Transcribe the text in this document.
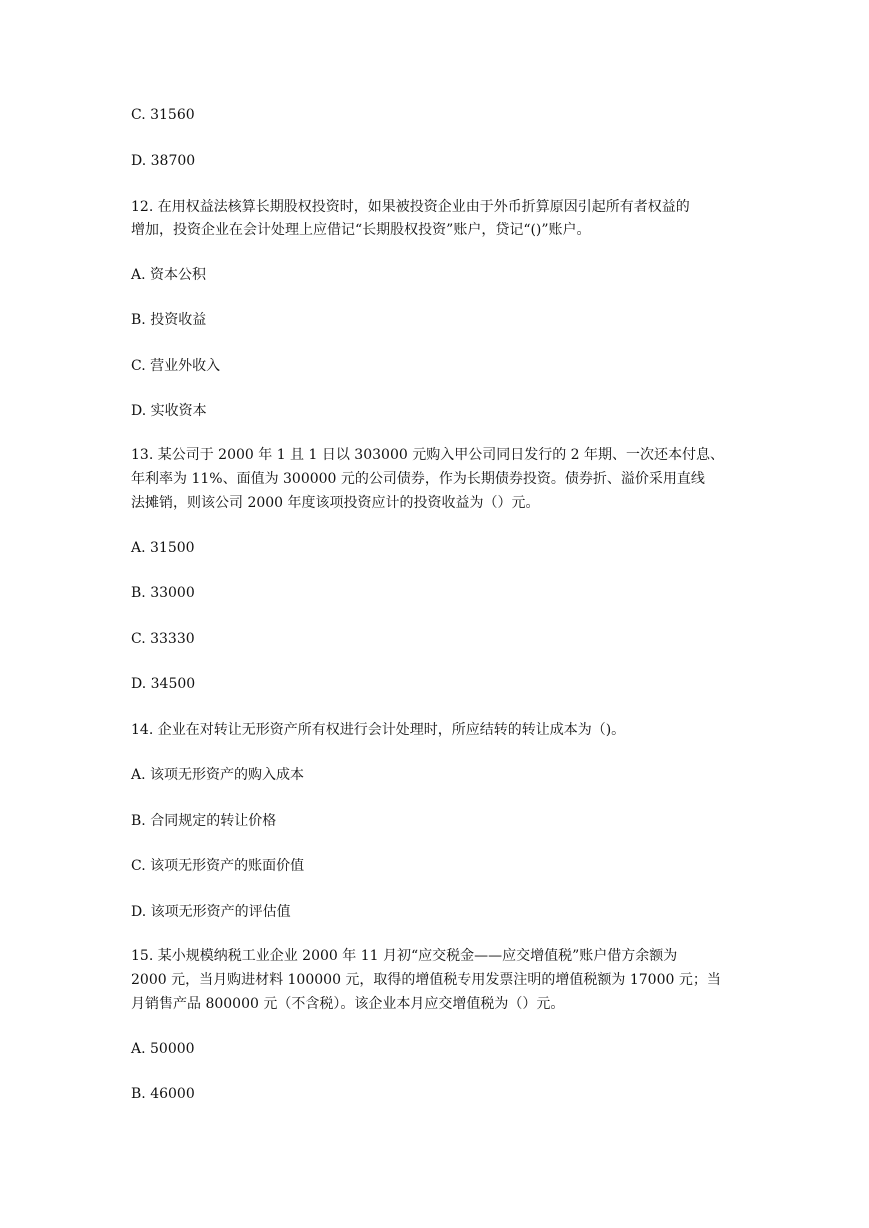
C. 31560

D. 38700

12. 在用权益法核算长期股权投资时，如果被投资企业由于外币折算原因引起所有者权益的

增加，投资企业在会计处理上应借记“长期股权投资”账户，贷记“()”账户。

A. 资本公积

B. 投资收益

C. 营业外收入

D. 实收资本

13. 某公司于 2000 年 1 且 1 日以 303000 元购入甲公司同日发行的 2 年期、一次还本付息、

年利率为 11%、面值为 300000 元的公司债券，作为长期债券投资。债券折、溢价采用直线

法摊销，则该公司 2000 年度该项投资应计的投资收益为（）元。

A. 31500

B. 33000

C. 33330

D. 34500

14. 企业在对转让无形资产所有权进行会计处理时，所应结转的转让成本为（)。

A. 该项无形资产的购入成本

B. 合同规定的转让价格

C. 该项无形资产的账面价值

D. 该项无形资产的评估值

15. 某小规模纳税工业企业 2000 年 11 月初“应交税金——应交增值税”账户借方余额为

2000 元，当月购进材料 100000 元，取得的增值税专用发票注明的增值税额为 17000 元；当

月销售产品 800000 元（不含税）。该企业本月应交增值税为（）元。

A. 50000

B. 46000
